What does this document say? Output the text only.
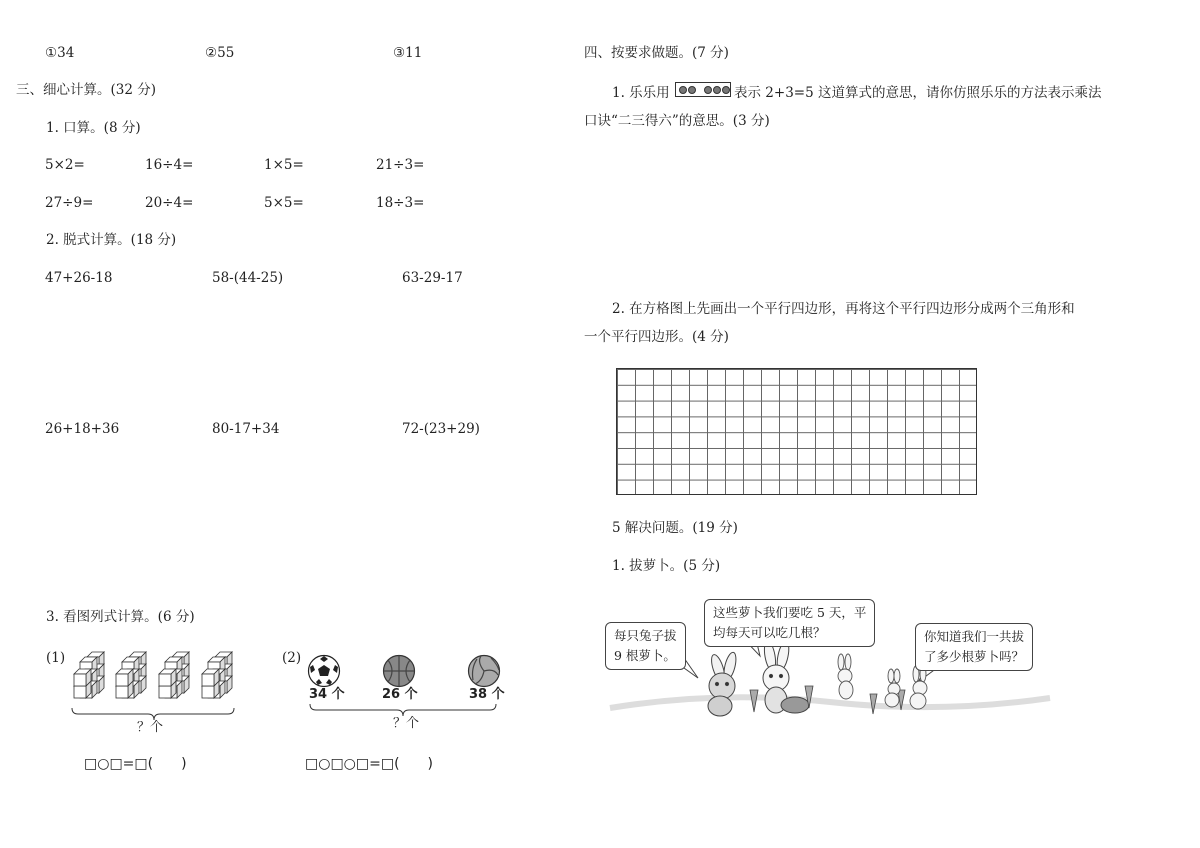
①34	②55	③11
三、细心计算。(32 分)
1. 口算。(8 分)
5×2=	16÷4=	1×5=	21÷3=
27÷9=	20÷4=	5×5=	18÷3=
2. 脱式计算。(18 分)
47+26-18	58-(44-25)	63-29-17
26+18+36	80-17+34	72-(23+29)
3. 看图列式计算。(6 分)
(1)
？个
□○□=□(　　)
(2)
34 个	26 个	38 个
？个
□○□○□=□(　　)
四、按要求做题。(7 分)
1. 乐乐用	表示 2+3=5 这道算式的意思，请你仿照乐乐的方法表示乘法
口诀“二三得六”的意思。(3 分)
2. 在方格图上先画出一个平行四边形，再将这个平行四边形分成两个三角形和
一个平行四边形。(4 分)
5 解决问题。(19 分)
1. 拔萝卜。(5 分)
每只兔子拔
9 根萝卜。
这些萝卜我们要吃 5 天，平
均每天可以吃几根？	你知道我们一共拔
了多少根萝卜吗？
